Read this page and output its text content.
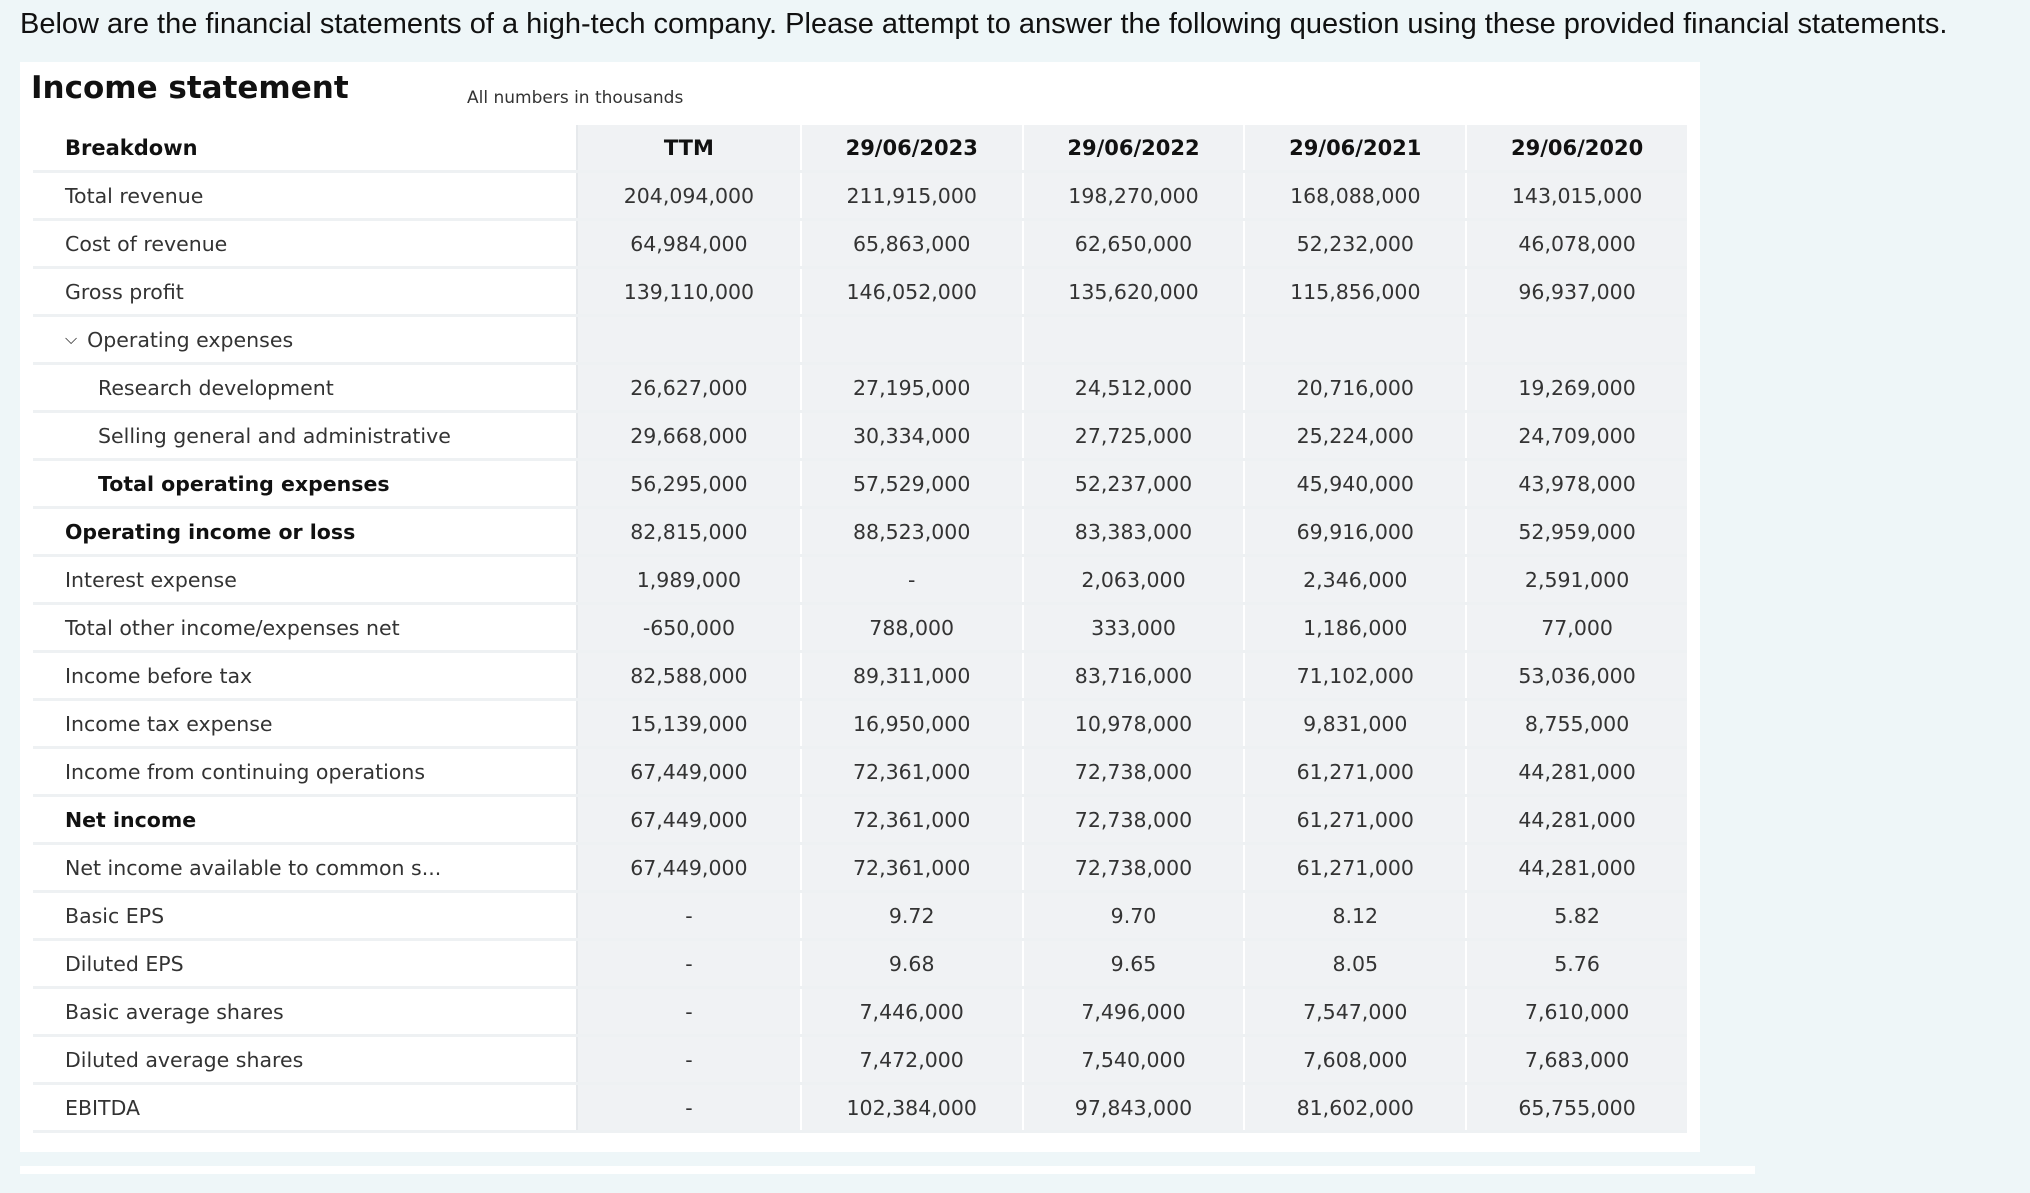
Below are the financial statements of a high-tech company. Please attempt to answer the following question using these provided financial statements.
Income statement	All numbers in thousands
Breakdown	TTM	29/06/2023	29/06/2022	29/06/2021	29/06/2020
Total revenue	204,094,000	211,915,000	198,270,000	168,088,000	143,015,000
Cost of revenue	64,984,000	65,863,000	62,650,000	52,232,000	46,078,000
Gross profit	139,110,000	146,052,000	135,620,000	115,856,000	96,937,000
⌵ Operating expenses
Research development	26,627,000	27,195,000	24,512,000	20,716,000	19,269,000
Selling general and administrative	29,668,000	30,334,000	27,725,000	25,224,000	24,709,000
Total operating expenses	56,295,000	57,529,000	52,237,000	45,940,000	43,978,000
Operating income or loss	82,815,000	88,523,000	83,383,000	69,916,000	52,959,000
Interest expense	1,989,000	-	2,063,000	2,346,000	2,591,000
Total other income/expenses net	-650,000	788,000	333,000	1,186,000	77,000
Income before tax	82,588,000	89,311,000	83,716,000	71,102,000	53,036,000
Income tax expense	15,139,000	16,950,000	10,978,000	9,831,000	8,755,000
Income from continuing operations	67,449,000	72,361,000	72,738,000	61,271,000	44,281,000
Net income	67,449,000	72,361,000	72,738,000	61,271,000	44,281,000
Net income available to common s...	67,449,000	72,361,000	72,738,000	61,271,000	44,281,000
Basic EPS	-	9.72	9.70	8.12	5.82
Diluted EPS	-	9.68	9.65	8.05	5.76
Basic average shares	-	7,446,000	7,496,000	7,547,000	7,610,000
Diluted average shares	-	7,472,000	7,540,000	7,608,000	7,683,000
EBITDA	-	102,384,000	97,843,000	81,602,000	65,755,000
